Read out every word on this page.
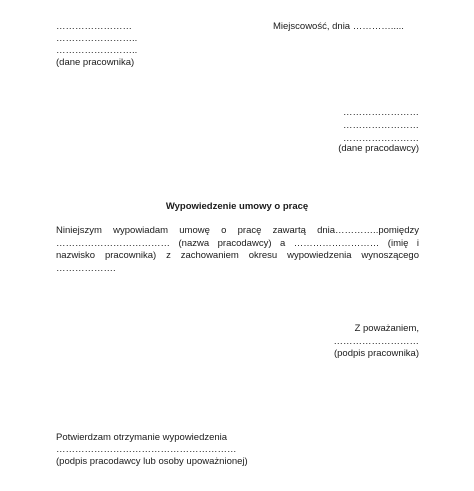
……………………
……………………..
……………………..
(dane pracownika)
Miejscowość, dnia ………….....
……………………
……………………
……………………
(dane pracodawcy)
Wypowiedzenie umowy o pracę
Niniejszym wypowiadam umowę o pracę zawartą dnia…………..pomiędzy
……………………………… (nazwa pracodawcy) a ……………………… (imię i
nazwisko pracownika) z zachowaniem okresu wypowiedzenia wynoszącego
……………….
Z poważaniem,
………………………
(podpis pracownika)
Potwierdzam otrzymanie wypowiedzenia
…………………………………………………
(podpis pracodawcy lub osoby upoważnionej)
